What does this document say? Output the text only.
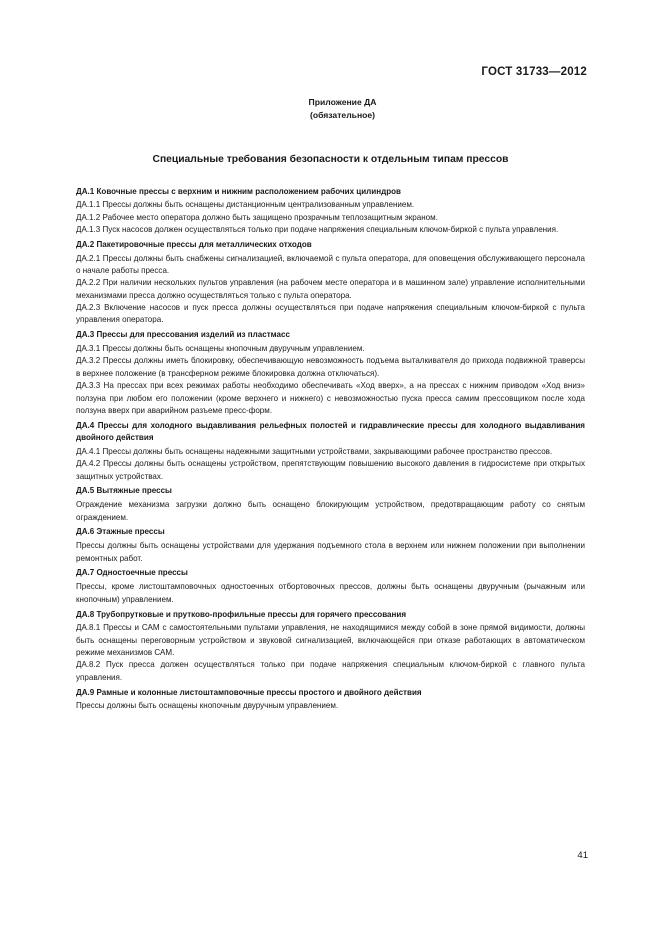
ГОСТ 31733—2012
Приложение ДА
(обязательное)
Специальные требования безопасности к отдельным типам прессов

ДА.1 Ковочные прессы с верхним и нижним расположением рабочих цилиндров

ДА.1.1 Прессы должны быть оснащены дистанционным централизованным управлением.

ДА.1.2 Рабочее место оператора должно быть защищено прозрачным теплозащитным экраном.

ДА.1.3 Пуск насосов должен осуществляться только при подаче напряжения специальным ключом-биркой с пульта управления.

ДА.2 Пакетировочные прессы для металлических отходов

ДА.2.1 Прессы должны быть снабжены сигнализацией, включаемой с пульта оператора, для оповещения обслуживающего персонала о начале работы пресса.

ДА.2.2 При наличии нескольких пультов управления (на рабочем месте оператора и в машинном зале) управление исполнительными механизмами пресса должно осуществляться только с пульта оператора.

ДА.2.3 Включение насосов и пуск пресса должны осуществляться при подаче напряжения специальным ключом-биркой с пульта управления оператора.

ДА.3 Прессы для прессования изделий из пластмасс

ДА.3.1 Прессы должны быть оснащены кнопочным двуручным управлением.

ДА.3.2 Прессы должны иметь блокировку, обеспечивающую невозможность подъема выталкивателя до прихода подвижной траверсы в верхнее положение (в трансферном режиме блокировка должна отключаться).

ДА.3.3 На прессах при всех режимах работы необходимо обеспечивать «Ход вверх», а на прессах с нижним приводом «Ход вниз» ползуна при любом его положении (кроме верхнего и нижнего) с невозможностью пуска пресса самим прессовщиком после хода ползуна вверх при аварийном разъеме пресс-форм.

ДА.4 Прессы для холодного выдавливания рельефных полостей и гидравлические прессы для холодного выдавливания двойного действия

ДА.4.1 Прессы должны быть оснащены надежными защитными устройствами, закрывающими рабочее пространство прессов.

ДА.4.2 Прессы должны быть оснащены устройством, препятствующим повышению высокого давления в гидросистеме при открытых защитных устройствах.

ДА.5 Вытяжные прессы

Ограждение механизма загрузки должно быть оснащено блокирующим устройством, предотвращающим работу со снятым ограждением.

ДА.6 Этажные прессы

Прессы должны быть оснащены устройствами для удержания подъемного стола в верхнем или нижнем положении при выполнении ремонтных работ.

ДА.7 Одностоечные прессы

Прессы, кроме листоштамповочных одностоечных отбортовочных прессов, должны быть оснащены двуручным (рычажным или кнопочным) управлением.

ДА.8 Трубопрутковые и прутково-профильные прессы для горячего прессования

ДА.8.1 Прессы и САМ с самостоятельными пультами управления, не находящимися между собой в зоне прямой видимости, должны быть оснащены переговорным устройством и звуковой сигнализацией, включающейся при отказе работающих в автоматическом режиме механизмов САМ.

ДА.8.2 Пуск пресса должен осуществляться только при подаче напряжения специальным ключом-биркой с главного пульта управления.

ДА.9 Рамные и колонные листоштамповочные прессы простого и двойного действия

Прессы должны быть оснащены кнопочным двуручным управлением.

41
